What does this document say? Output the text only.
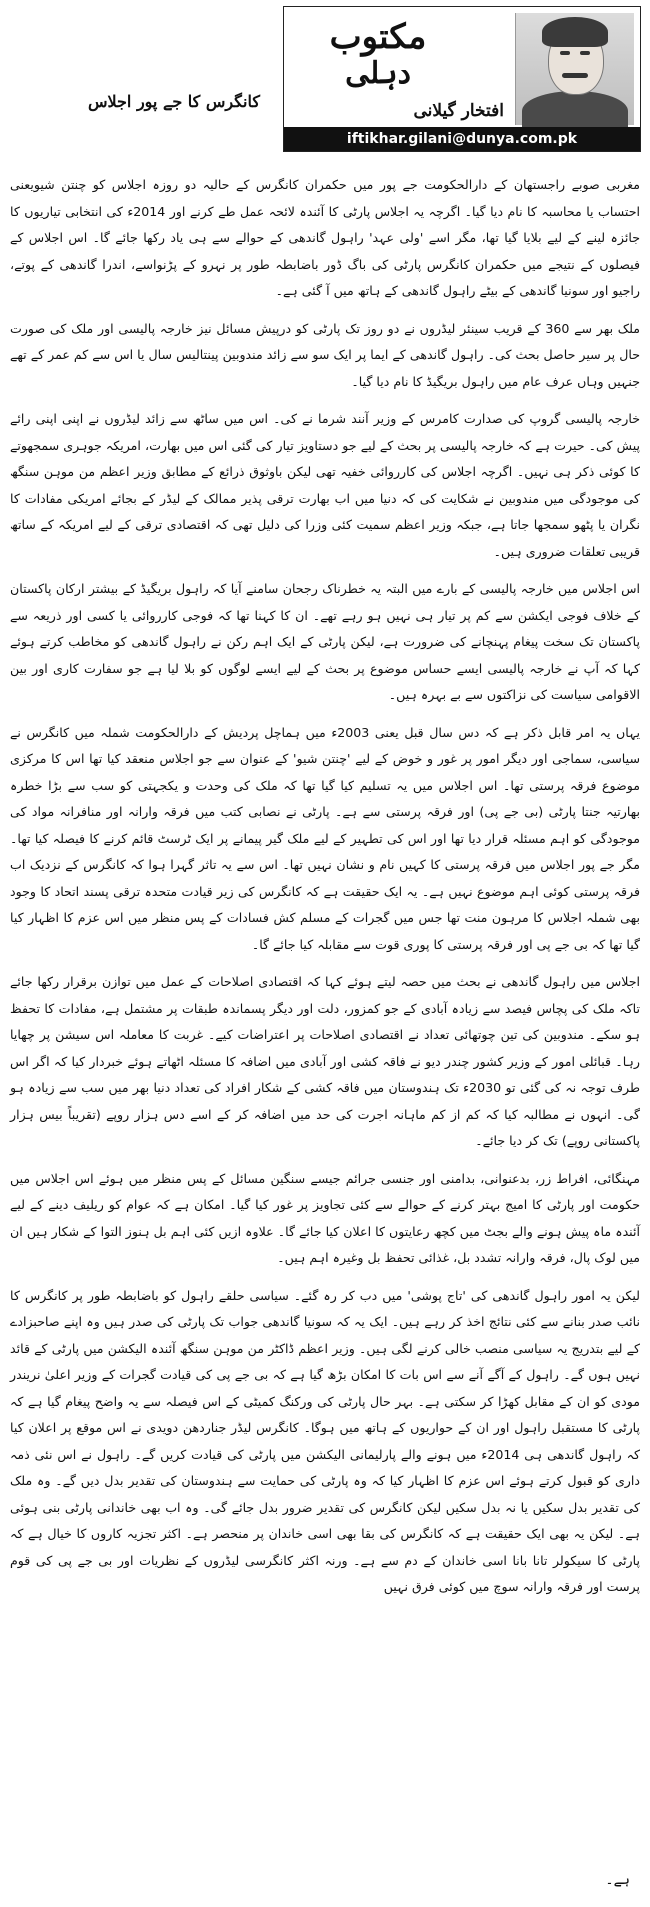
مکتوب
دہلی
افتخار گیلانی
iftikhar.gilani@dunya.com.pk
کانگرس کا جے پور اجلاس

مغربی صوبے راجستھان کے دارالحکومت جے پور میں حکمران کانگرس کے حالیہ دو روزہ اجلاس کو چنتن شیویعنی احتساب یا محاسبہ کا نام دیا گیا۔ اگرچہ یہ اجلاس پارٹی کا آئندہ لائحہ عمل طے کرنے اور 2014ء کی انتخابی تیاریوں کا جائزہ لینے کے لیے بلایا گیا تھا، مگر اسے 'ولی عہد' راہول گاندھی کے حوالے سے ہی یاد رکھا جائے گا۔ اس اجلاس کے فیصلوں کے نتیجے میں حکمران کانگرس پارٹی کی باگ ڈور باضابطہ طور پر نہرو کے پڑنواسے، اندرا گاندھی کے پوتے، راجیو اور سونیا گاندھی کے بیٹے راہول گاندھی کے ہاتھ میں آ گئی ہے۔

ملک بھر سے 360 کے قریب سینئر لیڈروں نے دو روز تک پارٹی کو درپیش مسائل نیز خارجہ پالیسی اور ملک کی صورت حال پر سیر حاصل بحث کی۔ راہول گاندھی کے ایما پر ایک سو سے زائد مندوبین پینتالیس سال یا اس سے کم عمر کے تھے جنہیں وہاں عرف عام میں راہول بریگیڈ کا نام دیا گیا۔

خارجہ پالیسی گروپ کی صدارت کامرس کے وزیر آنند شرما نے کی۔ اس میں ساٹھ سے زائد لیڈروں نے اپنی اپنی رائے پیش کی۔ حیرت ہے کہ خارجہ پالیسی پر بحث کے لیے جو دستاویز تیار کی گئی اس میں بھارت، امریکہ جوہری سمجھوتے کا کوئی ذکر ہی نہیں۔ اگرچہ اجلاس کی کارروائی خفیہ تھی لیکن باوثوق ذرائع کے مطابق وزیر اعظم من موہن سنگھ کی موجودگی میں مندوبین نے شکایت کی کہ دنیا میں اب بھارت ترقی پذیر ممالک کے لیڈر کے بجائے امریکی مفادات کا نگران یا پٹھو سمجھا جاتا ہے، جبکہ وزیر اعظم سمیت کئی وزرا کی دلیل تھی کہ اقتصادی ترقی کے لیے امریکہ کے ساتھ قریبی تعلقات ضروری ہیں۔

اس اجلاس میں خارجہ پالیسی کے بارے میں البتہ یہ خطرناک رجحان سامنے آیا کہ راہول بریگیڈ کے بیشتر ارکان پاکستان کے خلاف فوجی ایکشن سے کم پر تیار ہی نہیں ہو رہے تھے۔ ان کا کہنا تھا کہ فوجی کارروائی یا کسی اور ذریعہ سے پاکستان تک سخت پیغام پہنچانے کی ضرورت ہے، لیکن پارٹی کے ایک اہم رکن نے راہول گاندھی کو مخاطب کرتے ہوئے کہا کہ آپ نے خارجہ پالیسی ایسے حساس موضوع پر بحث کے لیے ایسے لوگوں کو بلا لیا ہے جو سفارت کاری اور بین الاقوامی سیاست کی نزاکتوں سے بے بہرہ ہیں۔

یہاں یہ امر قابل ذکر ہے کہ دس سال قبل یعنی 2003ء میں ہماچل پردیش کے دارالحکومت شملہ میں کانگرس نے سیاسی، سماجی اور دیگر امور پر غور و خوض کے لیے 'چنتن شیو' کے عنوان سے جو اجلاس منعقد کیا تھا اس کا مرکزی موضوع فرقہ پرستی تھا۔ اس اجلاس میں یہ تسلیم کیا گیا تھا کہ ملک کی وحدت و یکجہتی کو سب سے بڑا خطرہ بھارتیہ جنتا پارٹی (بی جے پی) اور فرقہ پرستی سے ہے۔ پارٹی نے نصابی کتب میں فرقہ وارانہ اور منافرانہ مواد کی موجودگی کو اہم مسئلہ قرار دیا تھا اور اس کی تطہیر کے لیے ملک گیر پیمانے پر ایک ٹرسٹ قائم کرنے کا فیصلہ کیا تھا۔ مگر جے پور اجلاس میں فرقہ پرستی کا کہیں نام و نشان نہیں تھا۔ اس سے یہ تاثر گہرا ہوا کہ کانگرس کے نزدیک اب فرقہ پرستی کوئی اہم موضوع نہیں ہے۔ یہ ایک حقیقت ہے کہ کانگرس کی زیر قیادت متحدہ ترقی پسند اتحاد کا وجود بھی شملہ اجلاس کا مرہون منت تھا جس میں گجرات کے مسلم کش فسادات کے پس منظر میں اس عزم کا اظہار کیا گیا تھا کہ بی جے پی اور فرقہ پرستی کا پوری قوت سے مقابلہ کیا جائے گا۔

اجلاس میں راہول گاندھی نے بحث میں حصہ لیتے ہوئے کہا کہ اقتصادی اصلاحات کے عمل میں توازن برقرار رکھا جائے تاکہ ملک کی پچاس فیصد سے زیادہ آبادی کے جو کمزور، دلت اور دیگر پسماندہ طبقات پر مشتمل ہے، مفادات کا تحفظ ہو سکے۔ مندوبین کی تین چوتھائی تعداد نے اقتصادی اصلاحات پر اعتراضات کیے۔ غربت کا معاملہ اس سیشن پر چھایا رہا۔ قبائلی امور کے وزیر کشور چندر دیو نے فاقہ کشی اور آبادی میں اضافہ کا مسئلہ اٹھاتے ہوئے خبردار کیا کہ اگر اس طرف توجہ نہ کی گئی تو 2030ء تک ہندوستان میں فاقہ کشی کے شکار افراد کی تعداد دنیا بھر میں سب سے زیادہ ہو گی۔ انہوں نے مطالبہ کیا کہ کم از کم ماہانہ اجرت کی حد میں اضافہ کر کے اسے دس ہزار روپے (تقریباً بیس ہزار پاکستانی روپے) تک کر دیا جائے۔

مہنگائی، افراط زر، بدعنوانی، بدامنی اور جنسی جرائم جیسے سنگین مسائل کے پس منظر میں ہوئے اس اجلاس میں حکومت اور پارٹی کا امیج بہتر کرنے کے حوالے سے کئی تجاویز پر غور کیا گیا۔ امکان ہے کہ عوام کو ریلیف دینے کے لیے آئندہ ماہ پیش ہونے والے بجٹ میں کچھ رعایتوں کا اعلان کیا جائے گا۔ علاوہ ازیں کئی اہم بل ہنوز التوا کے شکار ہیں ان میں لوک پال، فرقہ وارانہ تشدد بل، غذائی تحفظ بل وغیرہ اہم ہیں۔

لیکن یہ امور راہول گاندھی کی 'تاج پوشی' میں دب کر رہ گئے۔ سیاسی حلقے راہول کو باضابطہ طور پر کانگرس کا نائب صدر بنانے سے کئی نتائج اخذ کر رہے ہیں۔ ایک یہ کہ سونیا گاندھی جواب تک پارٹی کی صدر ہیں وہ اپنے صاحبزادے کے لیے بتدریج یہ سیاسی منصب خالی کرنے لگی ہیں۔ وزیر اعظم ڈاکٹر من موہن سنگھ آئندہ الیکشن میں پارٹی کے قائد نہیں ہوں گے۔ راہول کے آگے آنے سے اس بات کا امکان بڑھ گیا ہے کہ بی جے پی کی قیادت گجرات کے وزیر اعلیٰ نریندر مودی کو ان کے مقابل کھڑا کر سکتی ہے۔ بہر حال پارٹی کی ورکنگ کمیٹی کے اس فیصلہ سے یہ واضح پیغام گیا ہے کہ پارٹی کا مستقبل راہول اور ان کے حواریوں کے ہاتھ میں ہوگا۔ کانگرس لیڈر جناردھن دویدی نے اس موقع پر اعلان کیا کہ راہول گاندھی ہی 2014ء میں ہونے والے پارلیمانی الیکشن میں پارٹی کی قیادت کریں گے۔ راہول نے اس نئی ذمہ داری کو قبول کرتے ہوئے اس عزم کا اظہار کیا کہ وہ پارٹی کی حمایت سے ہندوستان کی تقدیر بدل دیں گے۔ وہ ملک کی تقدیر بدل سکیں یا نہ بدل سکیں لیکن کانگرس کی تقدیر ضرور بدل جائے گی۔ وہ اب بھی خاندانی پارٹی بنی ہوئی ہے۔ لیکن یہ بھی ایک حقیقت ہے کہ کانگرس کی بقا بھی اسی خاندان پر منحصر ہے۔ اکثر تجزیہ کاروں کا خیال ہے کہ پارٹی کا سیکولر تانا بانا اسی خاندان کے دم سے ہے۔ ورنہ اکثر کانگرسی لیڈروں کے نظریات اور بی جے پی کی قوم پرست اور فرقہ وارانہ سوچ میں کوئی فرق نہیں

ہے۔
